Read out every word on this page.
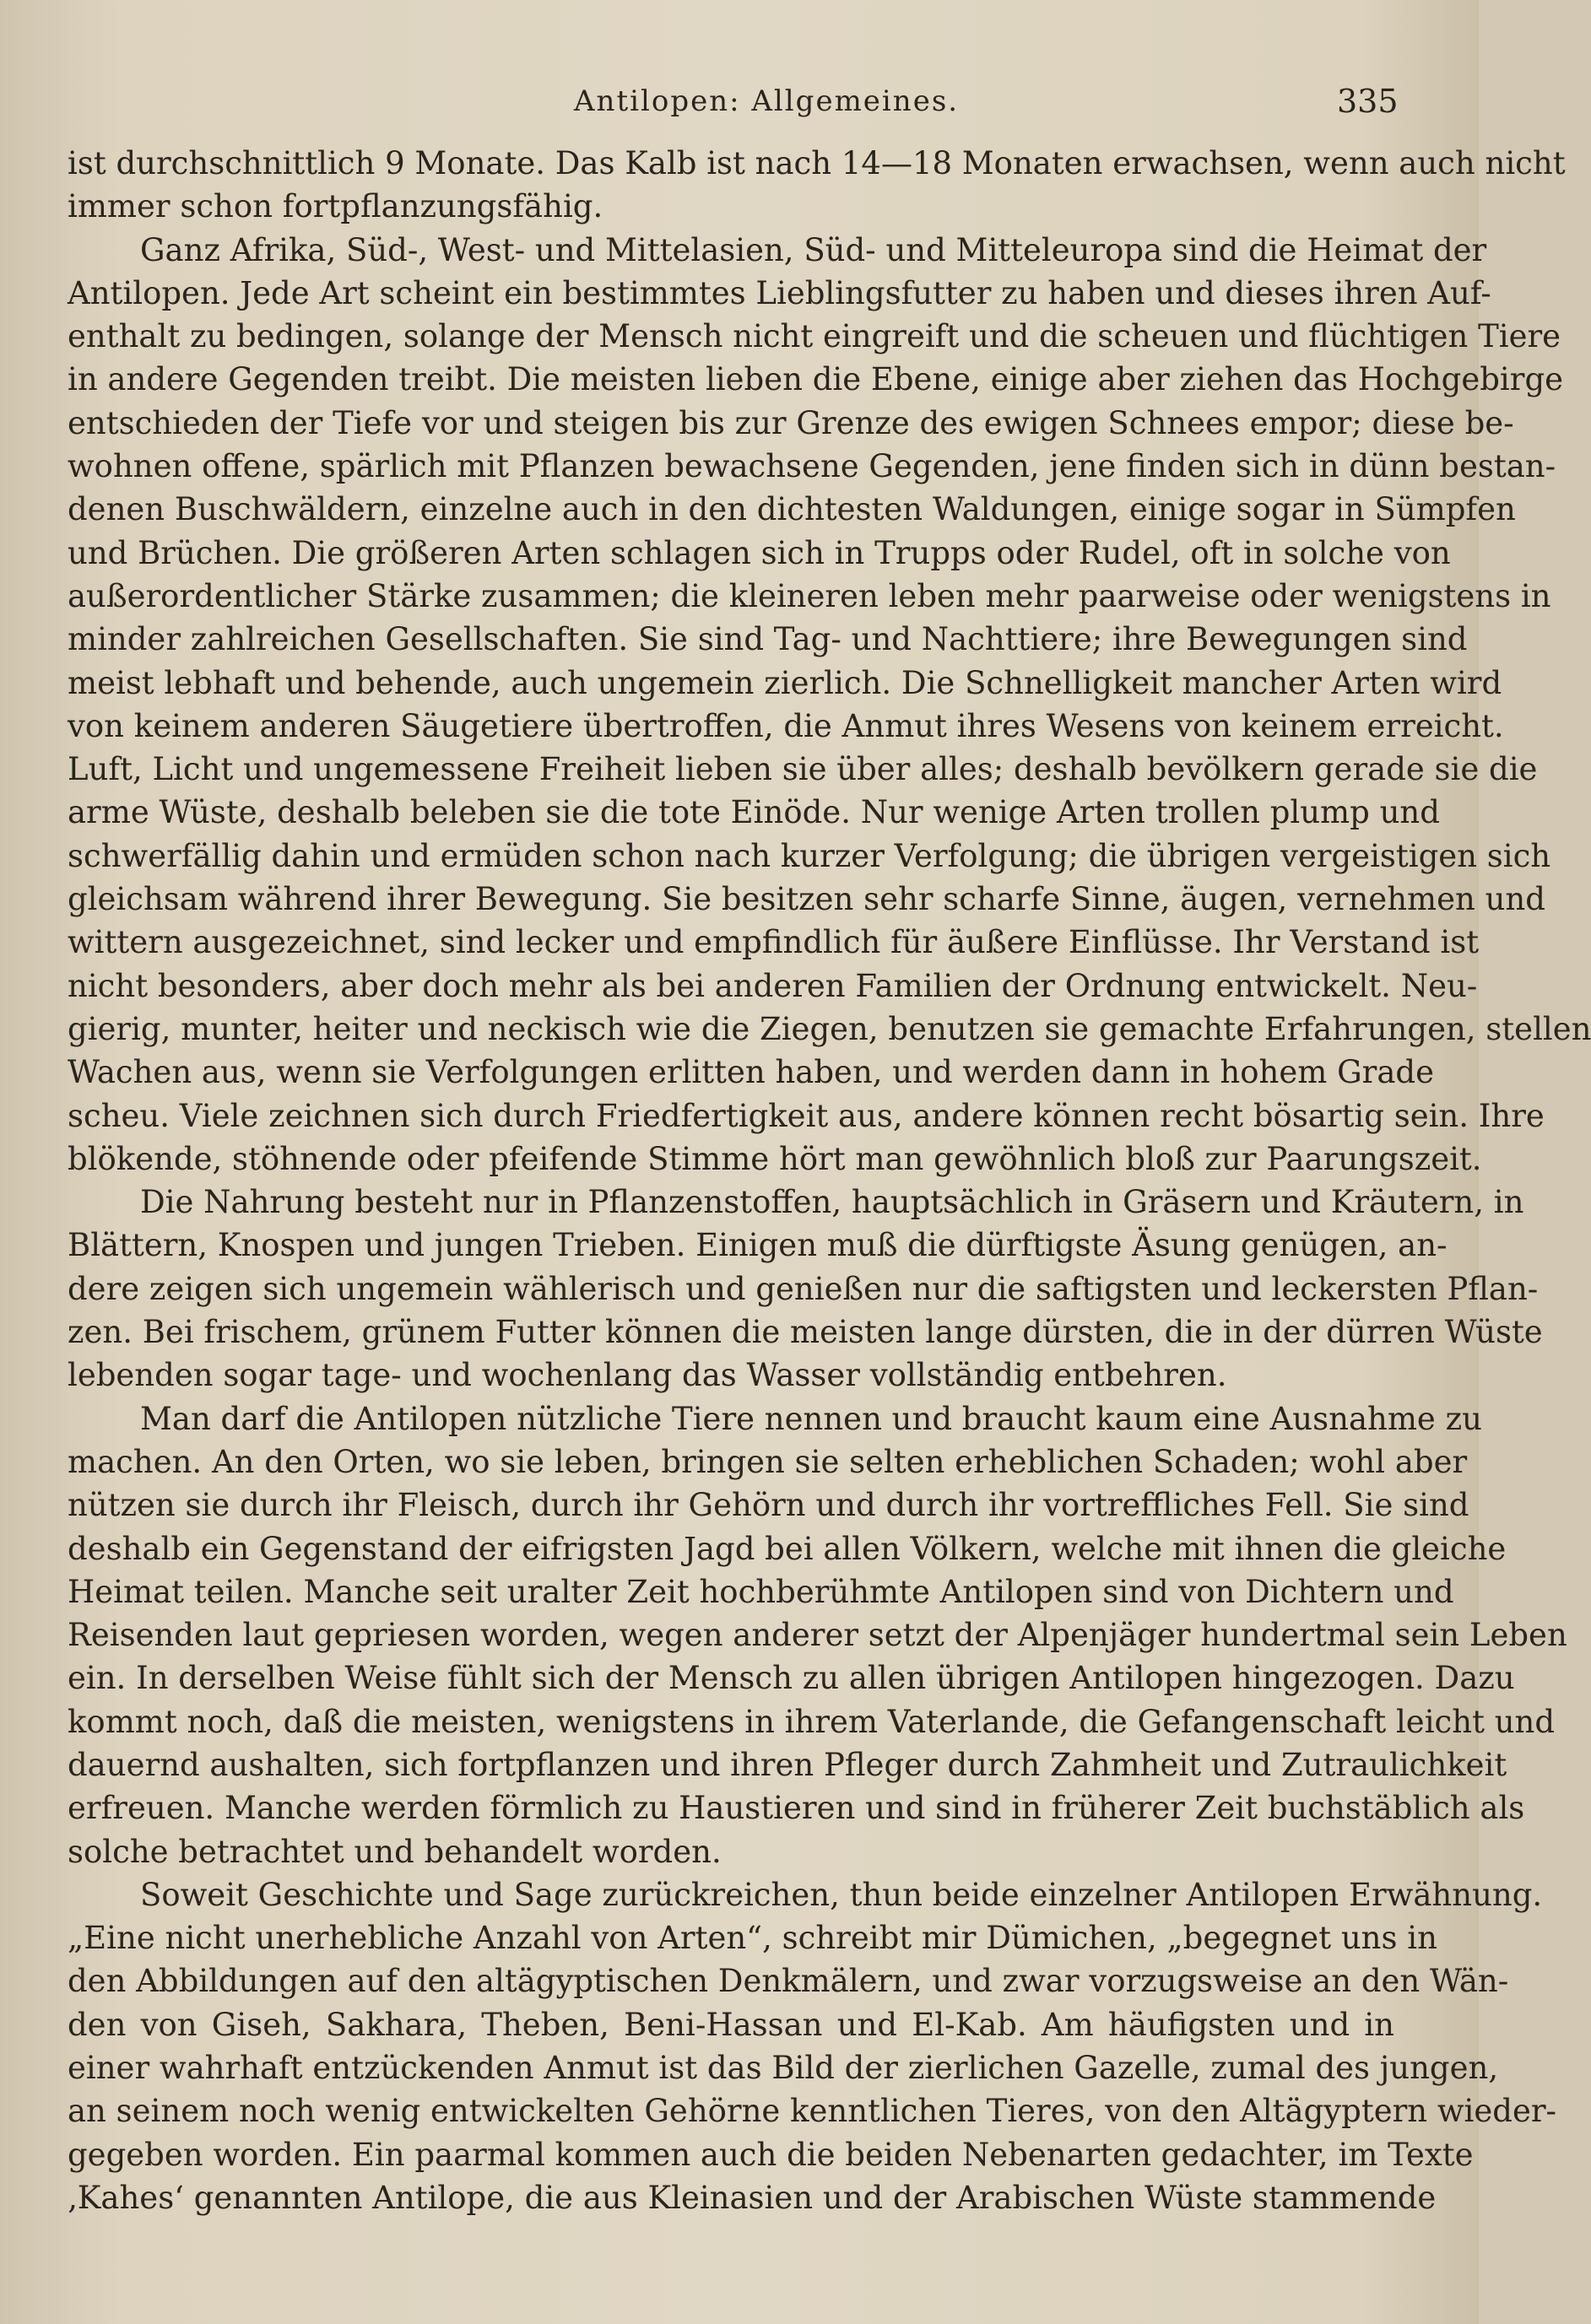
Antilopen: Allgemeines.	335
ist durchschnittlich 9 Monate. Das Kalb ist nach 14—18 Monaten erwachsen, wenn auch nicht
immer schon fortpflanzungsfähig.
Ganz Afrika, Süd-, West- und Mittelasien, Süd- und Mitteleuropa sind die Heimat der
Antilopen. Jede Art scheint ein bestimmtes Lieblingsfutter zu haben und dieses ihren Auf-
enthalt zu bedingen, solange der Mensch nicht eingreift und die scheuen und flüchtigen Tiere
in andere Gegenden treibt. Die meisten lieben die Ebene, einige aber ziehen das Hochgebirge
entschieden der Tiefe vor und steigen bis zur Grenze des ewigen Schnees empor; diese be-
wohnen offene, spärlich mit Pflanzen bewachsene Gegenden, jene finden sich in dünn bestan-
denen Buschwäldern, einzelne auch in den dichtesten Waldungen, einige sogar in Sümpfen
und Brüchen. Die größeren Arten schlagen sich in Trupps oder Rudel, oft in solche von
außerordentlicher Stärke zusammen; die kleineren leben mehr paarweise oder wenigstens in
minder zahlreichen Gesellschaften. Sie sind Tag- und Nachttiere; ihre Bewegungen sind
meist lebhaft und behende, auch ungemein zierlich. Die Schnelligkeit mancher Arten wird
von keinem anderen Säugetiere übertroffen, die Anmut ihres Wesens von keinem erreicht.
Luft, Licht und ungemessene Freiheit lieben sie über alles; deshalb bevölkern gerade sie die
arme Wüste, deshalb beleben sie die tote Einöde. Nur wenige Arten trollen plump und
schwerfällig dahin und ermüden schon nach kurzer Verfolgung; die übrigen vergeistigen sich
gleichsam während ihrer Bewegung. Sie besitzen sehr scharfe Sinne, äugen, vernehmen und
wittern ausgezeichnet, sind lecker und empfindlich für äußere Einflüsse. Ihr Verstand ist
nicht besonders, aber doch mehr als bei anderen Familien der Ordnung entwickelt. Neu-
gierig, munter, heiter und neckisch wie die Ziegen, benutzen sie gemachte Erfahrungen, stellen
Wachen aus, wenn sie Verfolgungen erlitten haben, und werden dann in hohem Grade
scheu. Viele zeichnen sich durch Friedfertigkeit aus, andere können recht bösartig sein. Ihre
blökende, stöhnende oder pfeifende Stimme hört man gewöhnlich bloß zur Paarungszeit.
Die Nahrung besteht nur in Pflanzenstoffen, hauptsächlich in Gräsern und Kräutern, in
Blättern, Knospen und jungen Trieben. Einigen muß die dürftigste Äsung genügen, an-
dere zeigen sich ungemein wählerisch und genießen nur die saftigsten und leckersten Pflan-
zen. Bei frischem, grünem Futter können die meisten lange dürsten, die in der dürren Wüste
lebenden sogar tage- und wochenlang das Wasser vollständig entbehren.
Man darf die Antilopen nützliche Tiere nennen und braucht kaum eine Ausnahme zu
machen. An den Orten, wo sie leben, bringen sie selten erheblichen Schaden; wohl aber
nützen sie durch ihr Fleisch, durch ihr Gehörn und durch ihr vortreffliches Fell. Sie sind
deshalb ein Gegenstand der eifrigsten Jagd bei allen Völkern, welche mit ihnen die gleiche
Heimat teilen. Manche seit uralter Zeit hochberühmte Antilopen sind von Dichtern und
Reisenden laut gepriesen worden, wegen anderer setzt der Alpenjäger hundertmal sein Leben
ein. In derselben Weise fühlt sich der Mensch zu allen übrigen Antilopen hingezogen. Dazu
kommt noch, daß die meisten, wenigstens in ihrem Vaterlande, die Gefangenschaft leicht und
dauernd aushalten, sich fortpflanzen und ihren Pfleger durch Zahmheit und Zutraulichkeit
erfreuen. Manche werden förmlich zu Haustieren und sind in früherer Zeit buchstäblich als
solche betrachtet und behandelt worden.
Soweit Geschichte und Sage zurückreichen, thun beide einzelner Antilopen Erwähnung.
„Eine nicht unerhebliche Anzahl von Arten“, schreibt mir Dümichen, „begegnet uns in
den Abbildungen auf den altägyptischen Denkmälern, und zwar vorzugsweise an den Wän-
den von Giseh, Sakhara, Theben, Beni-Hassan und El-Kab. Am häufigsten und in
einer wahrhaft entzückenden Anmut ist das Bild der zierlichen Gazelle, zumal des jungen,
an seinem noch wenig entwickelten Gehörne kenntlichen Tieres, von den Altägyptern wieder-
gegeben worden. Ein paarmal kommen auch die beiden Nebenarten gedachter, im Texte
‚Kahes‘ genannten Antilope, die aus Kleinasien und der Arabischen Wüste stammende
